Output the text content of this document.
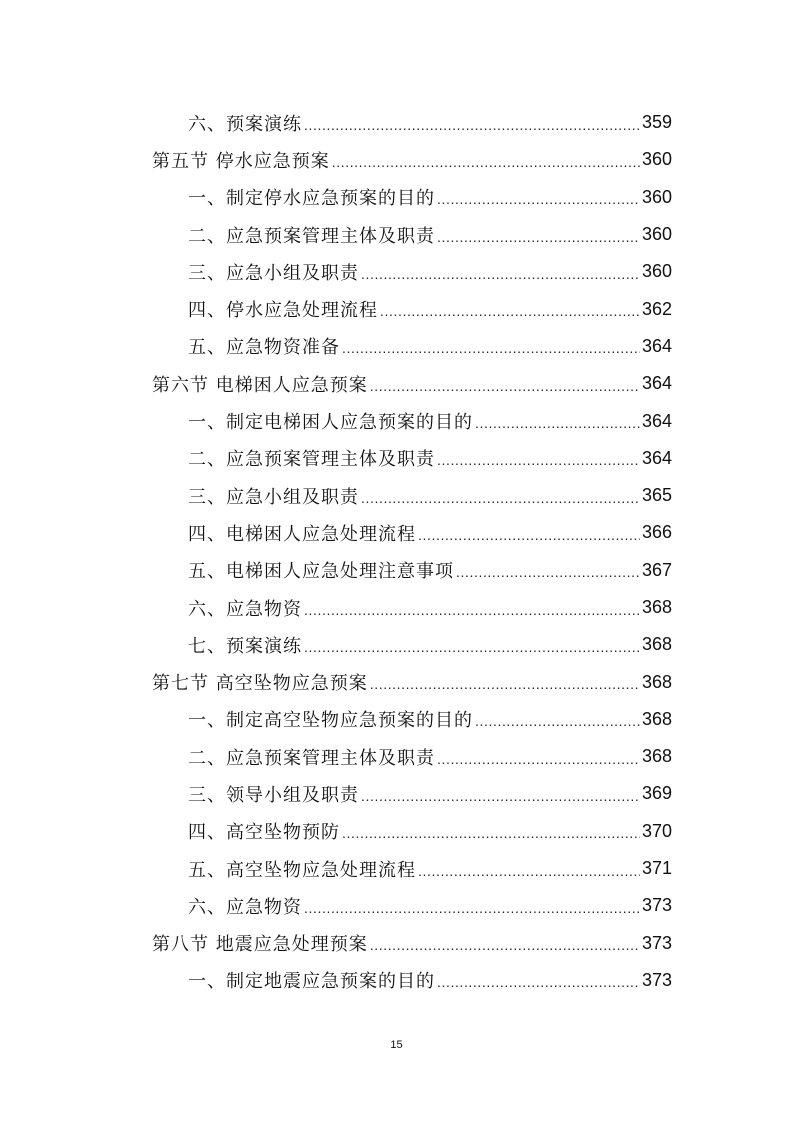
六、预案演练 .....	359
第五节 停水应急预案 .....	360
一、制定停水应急预案的目的 .....	360
二、应急预案管理主体及职责 .....	360
三、应急小组及职责 .....	360
四、停水应急处理流程 .....	362
五、应急物资准备 .....	364
第六节 电梯困人应急预案 .....	364
一、制定电梯困人应急预案的目的 .....	364
二、应急预案管理主体及职责 .....	364
三、应急小组及职责 .....	365
四、电梯困人应急处理流程 .....	366
五、电梯困人应急处理注意事项 .....	367
六、应急物资 .....	368
七、预案演练 .....	368
第七节 高空坠物应急预案 .....	368
一、制定高空坠物应急预案的目的 .....	368
二、应急预案管理主体及职责 .....	368
三、领导小组及职责 .....	369
四、高空坠物预防 .....	370
五、高空坠物应急处理流程 .....	371
六、应急物资 .....	373
第八节 地震应急处理预案 .....	373
一、制定地震应急预案的目的 .....	373
15
